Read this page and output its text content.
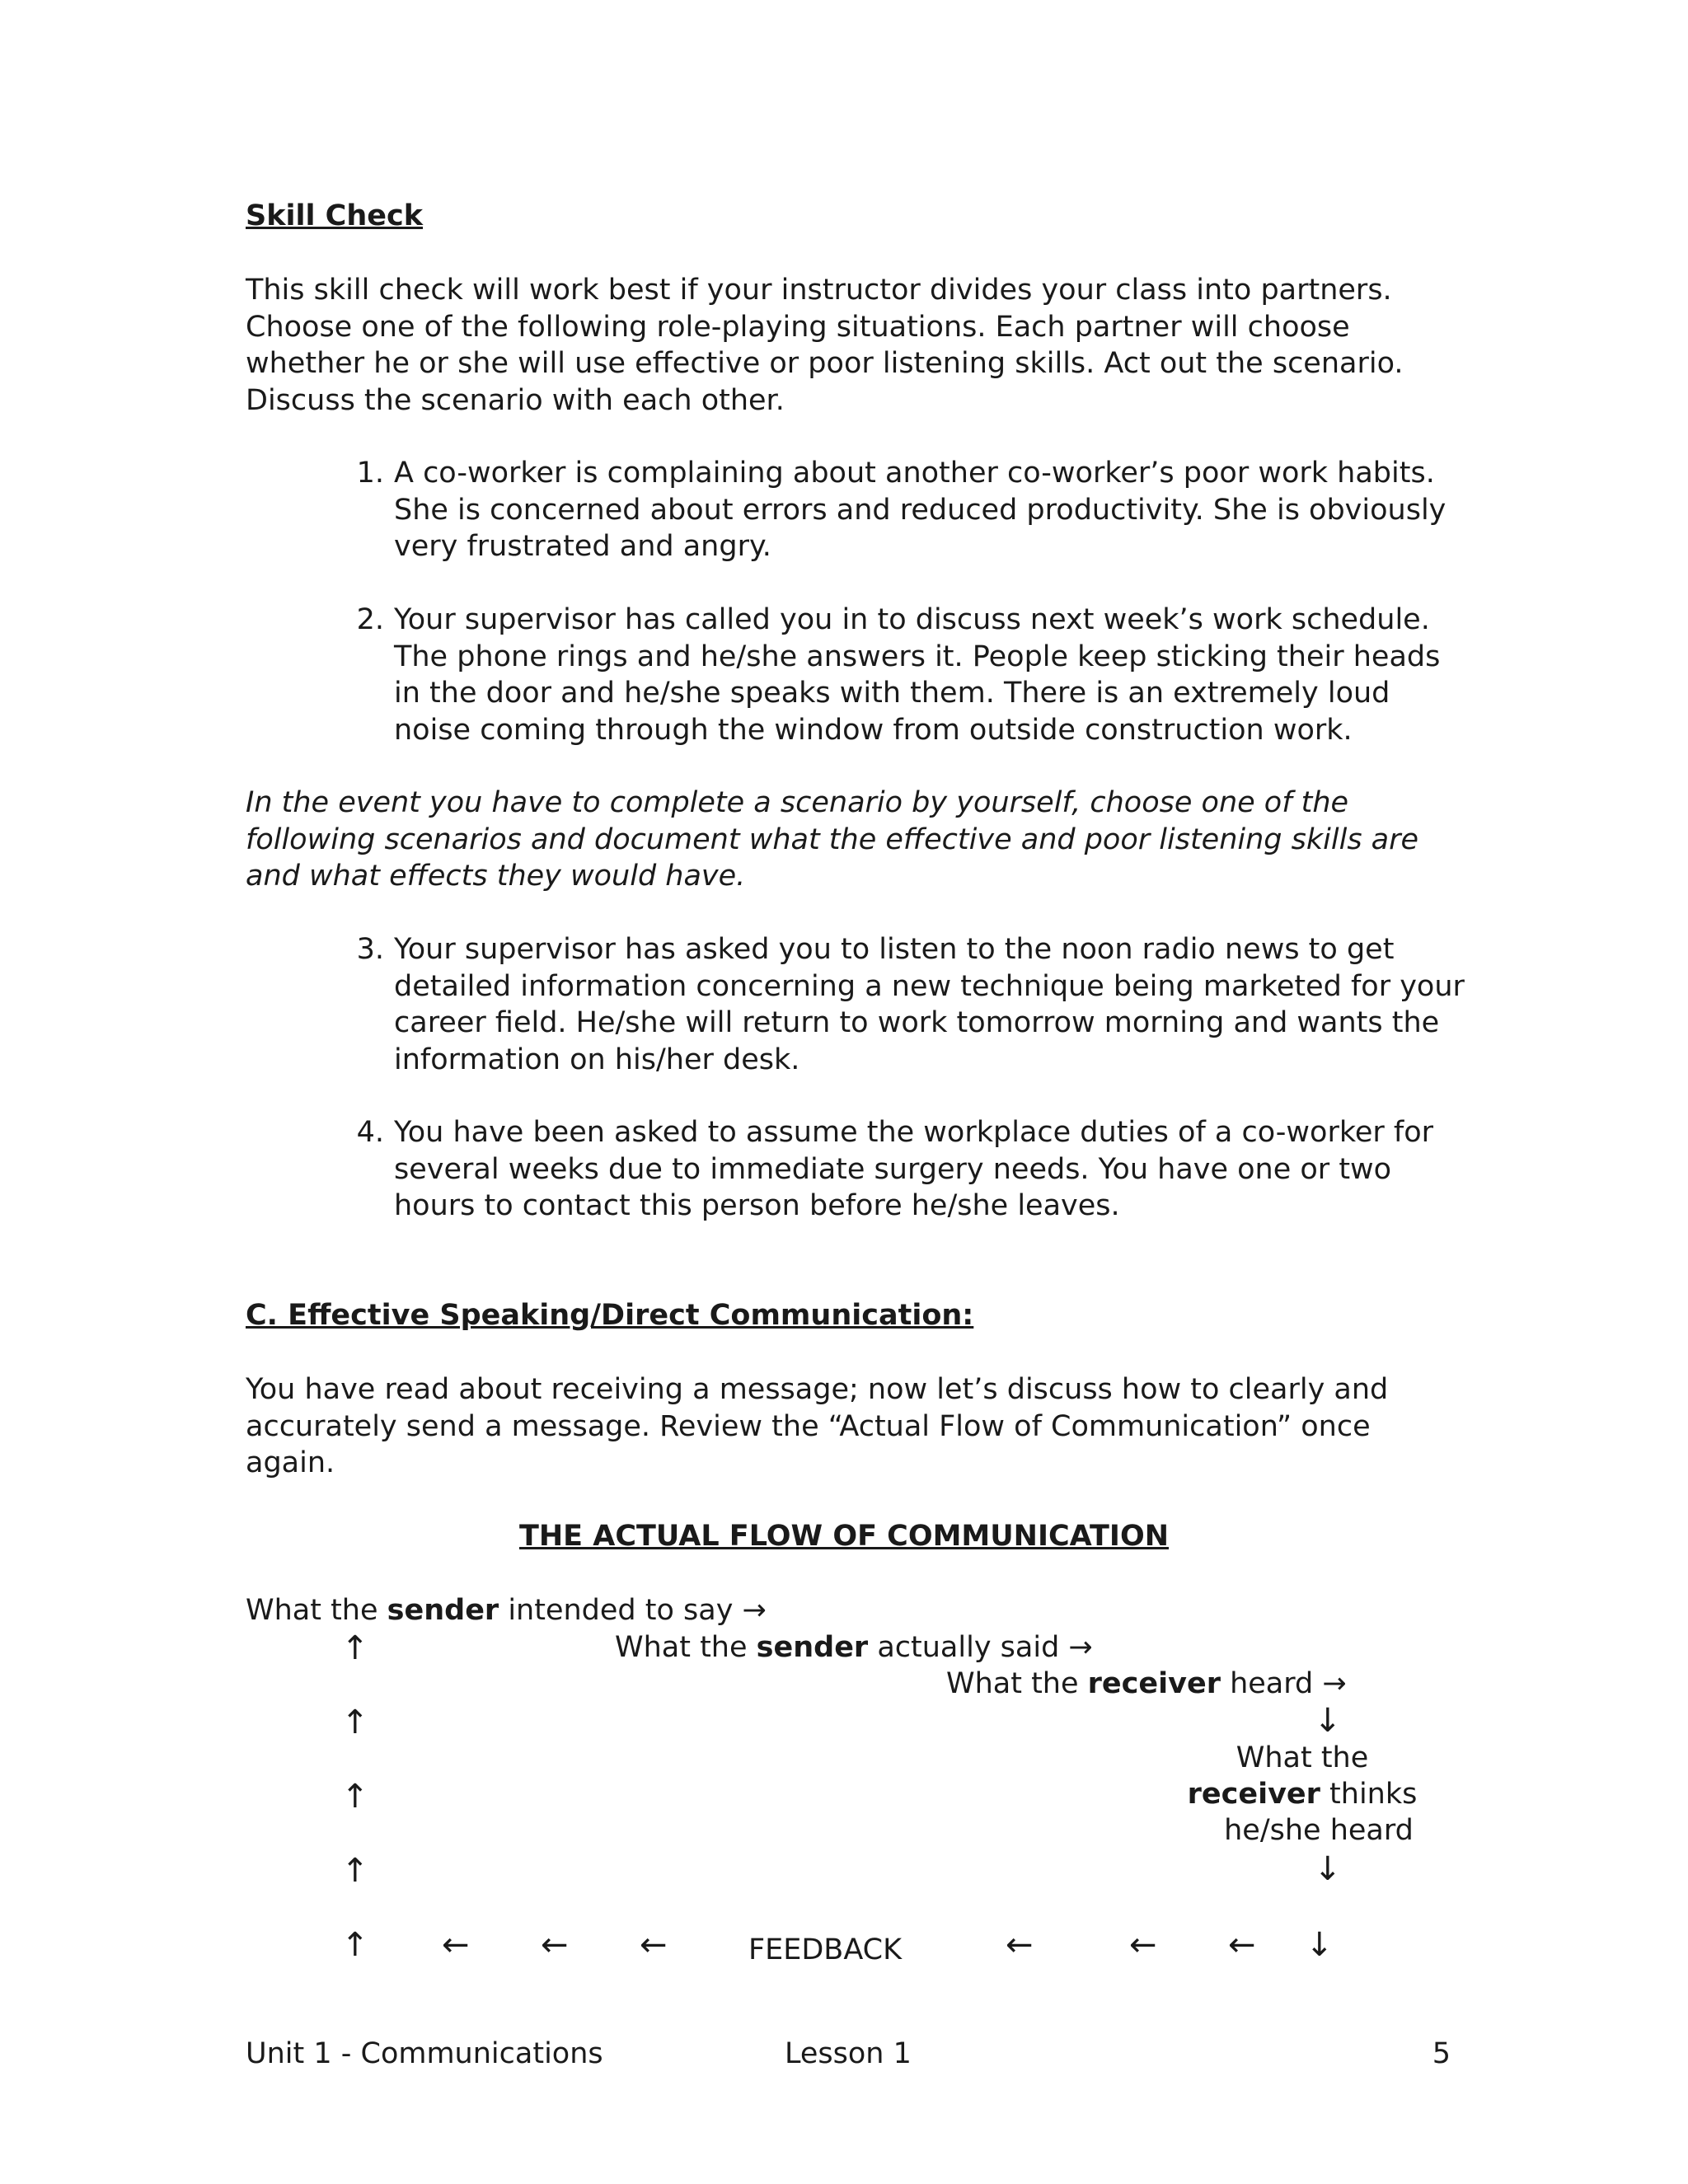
Skill Check
This skill check will work best if your instructor divides your class into partners. Choose one of the following role-playing situations. Each partner will choose whether he or she will use effective or poor listening skills. Act out the scenario. Discuss the scenario with each other.
1. A co-worker is complaining about another co-worker’s poor work habits. She is concerned about errors and reduced productivity. She is obviously very frustrated and angry.
2. Your supervisor has called you in to discuss next week’s work schedule. The phone rings and he/she answers it. People keep sticking their heads in the door and he/she speaks with them. There is an extremely loud noise coming through the window from outside construction work.
In the event you have to complete a scenario by yourself, choose one of the following scenarios and document what the effective and poor listening skills are and what effects they would have.
3. Your supervisor has asked you to listen to the noon radio news to get detailed information concerning a new technique being marketed for your career field. He/she will return to work tomorrow morning and wants the information on his/her desk.
4. You have been asked to assume the workplace duties of a co-worker for several weeks due to immediate surgery needs. You have one or two hours to contact this person before he/she leaves.
C. Effective Speaking/Direct Communication:
You have read about receiving a message; now let’s discuss how to clearly and accurately send a message. Review the “Actual Flow of Communication” once again.
THE ACTUAL FLOW OF COMMUNICATION
What the sender intended to say →
What the sender actually said →
What the receiver heard →
What the
receiver thinks
he/she heard
↑
↑
↑
↑
↑
↓
↓
↓
← ← ←	FEEDBACK	←	← ←
Unit 1 - Communications	Lesson 1	5
